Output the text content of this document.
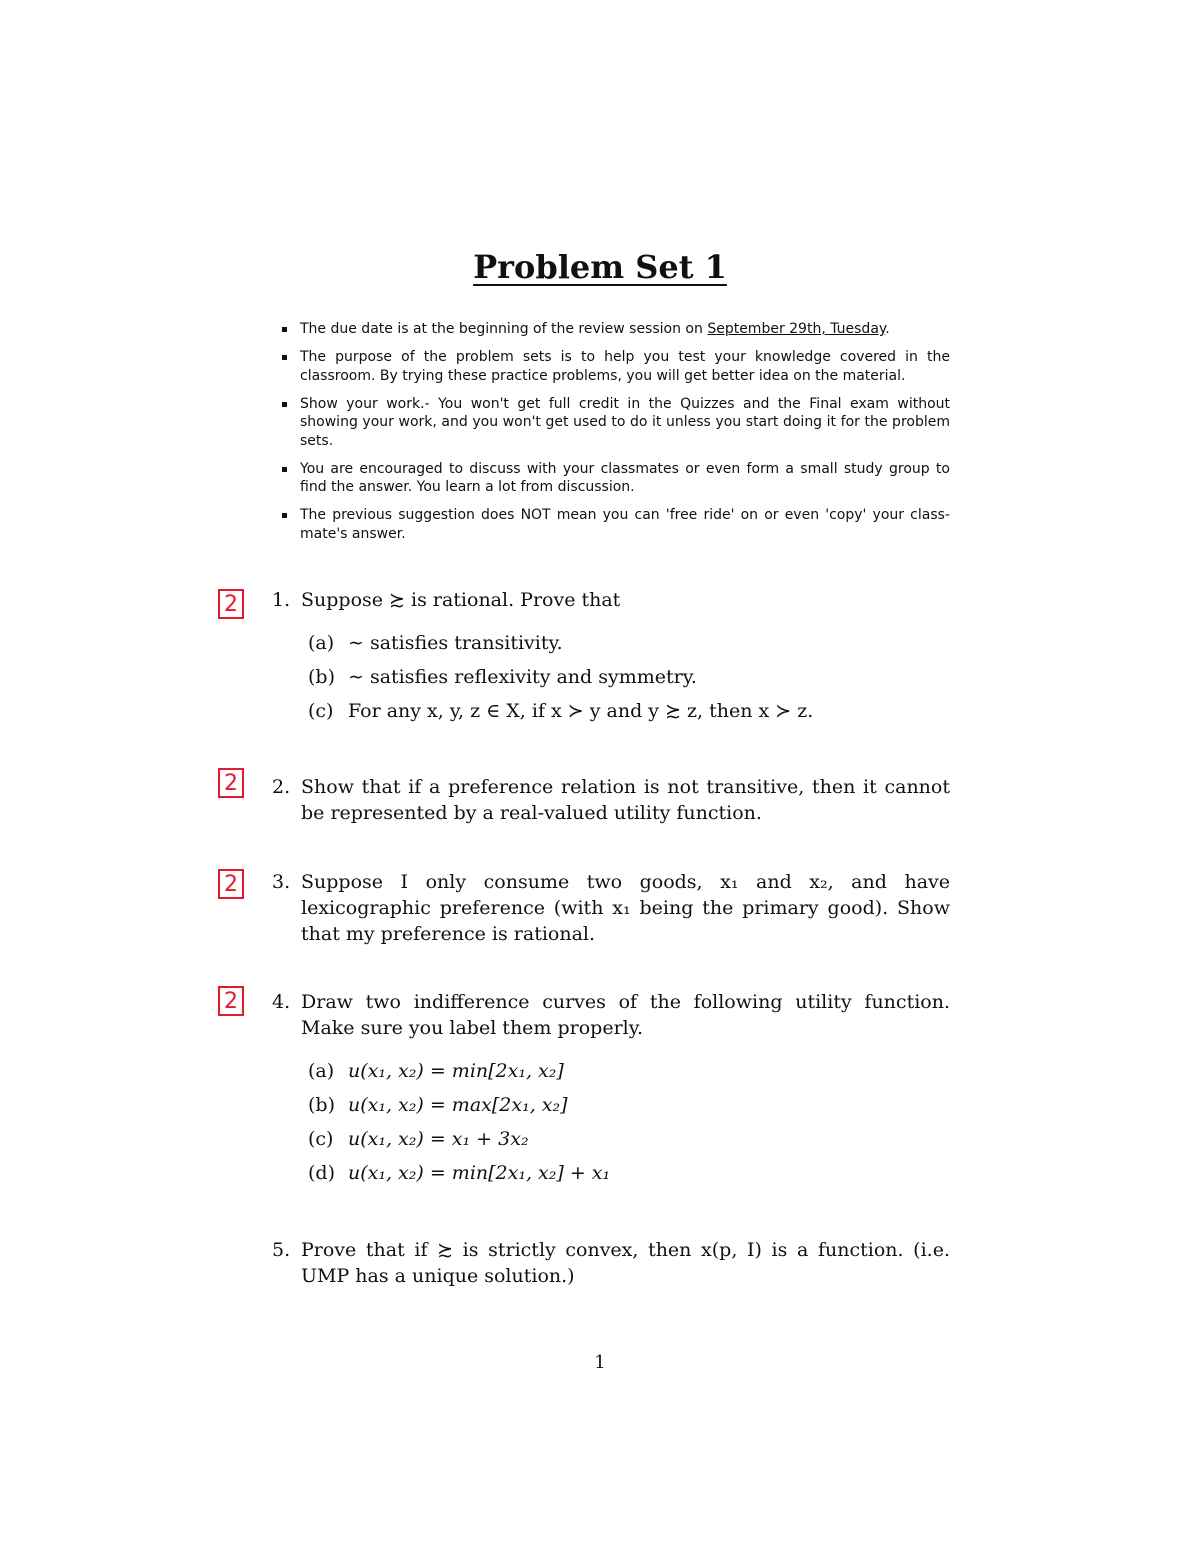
Problem Set 1
The due date is at the beginning of the review session on September 29th, Tuesday.
The purpose of the problem sets is to help you test your knowledge covered in the classroom. By trying these practice problems, you will get better idea on the material.
Show your work.- You won't get full credit in the Quizzes and the Final exam without showing your work, and you won't get used to do it unless you start doing it for the problem sets.
You are encouraged to discuss with your classmates or even form a small study group to find the answer. You learn a lot from discussion.
The previous suggestion does NOT mean you can 'free ride' on or even 'copy' your class-mate's answer.
2
2
2
2
1. Suppose ≿ is rational. Prove that
(a) ∼ satisfies transitivity.
(b) ∼ satisfies reflexivity and symmetry.
(c) For any x, y, z ∈ X, if x ≻ y and y ≿ z, then x ≻ z.
2. Show that if a preference relation is not transitive, then it cannot be represented by a real-valued utility function.
3. Suppose I only consume two goods, x₁ and x₂, and have lexicographic preference (with x₁ being the primary good). Show that my preference is rational.
4. Draw two indifference curves of the following utility function. Make sure you label them properly.
(a) u(x₁, x₂) = min[2x₁, x₂]
(b) u(x₁, x₂) = max[2x₁, x₂]
(c) u(x₁, x₂) = x₁ + 3x₂
(d) u(x₁, x₂) = min[2x₁, x₂] + x₁
5. Prove that if ≿ is strictly convex, then x(p, I) is a function. (i.e. UMP has a unique solution.)
1
